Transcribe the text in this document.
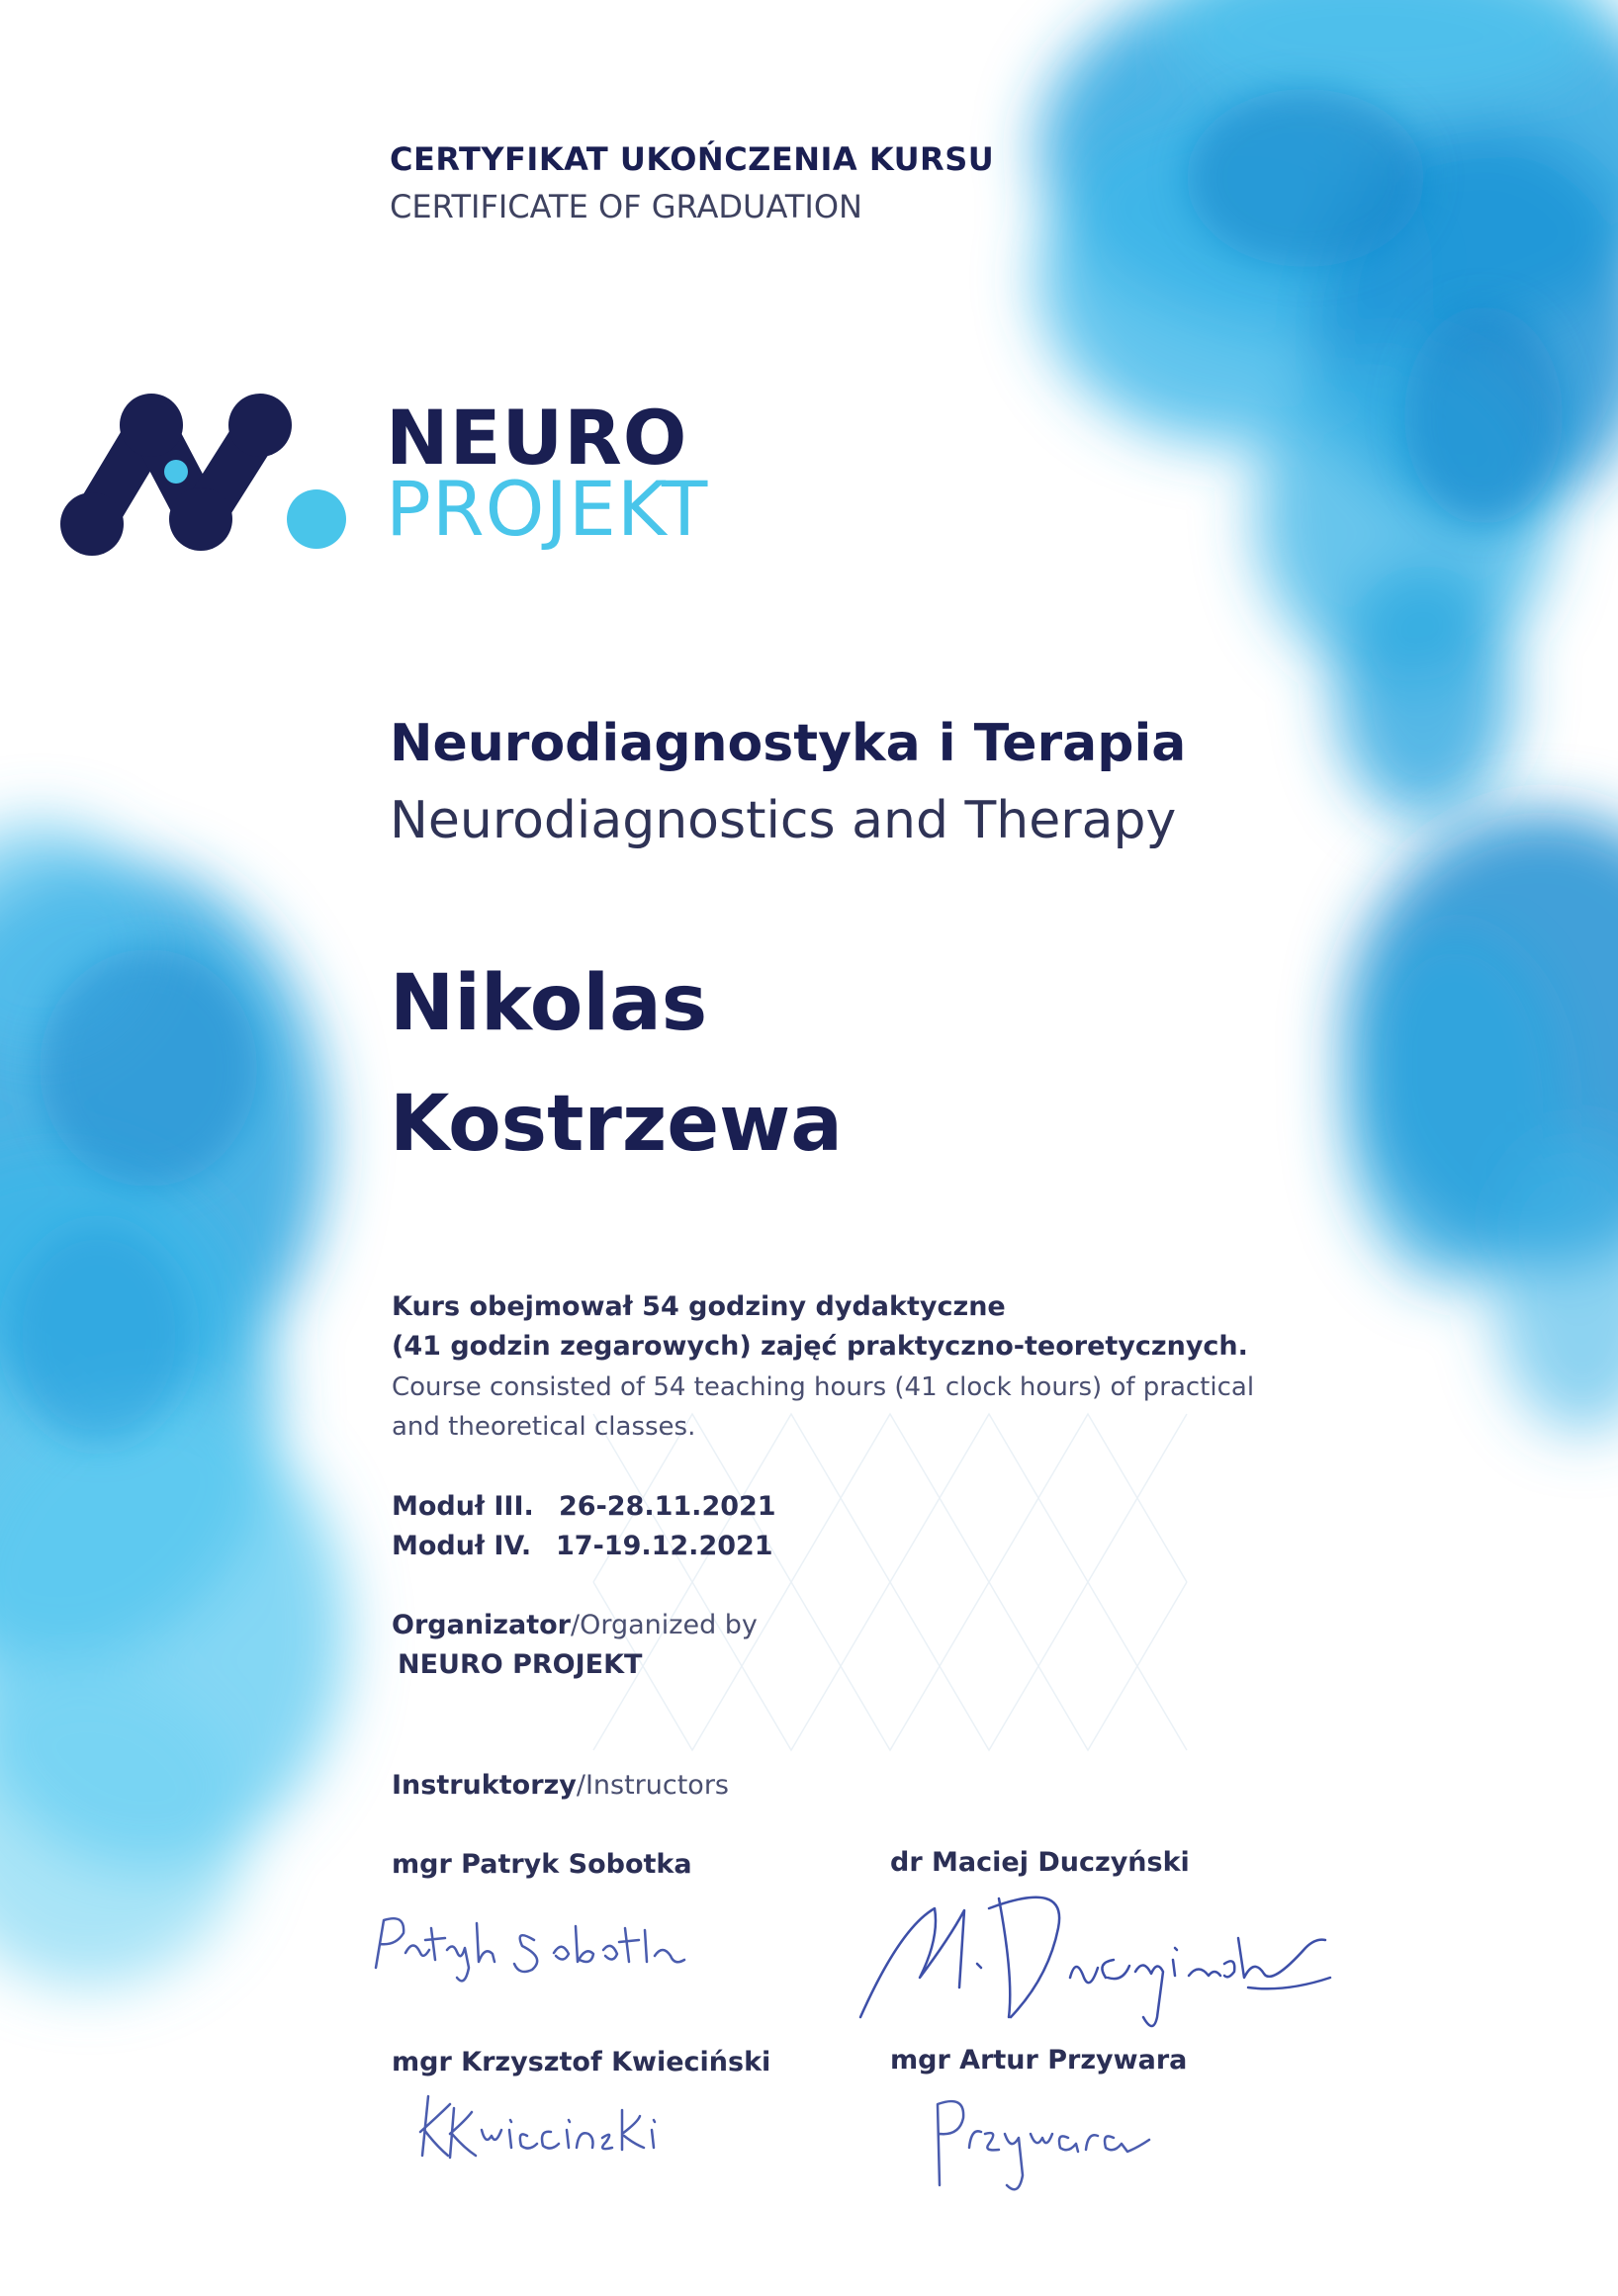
CERTYFIKAT UKOŃCZENIA KURSU
CERTIFICATE OF GRADUATION
NEURO
PROJEKT
Neurodiagnostyka i Terapia
Neurodiagnostics and Therapy
Nikolas
Kostrzewa
Kurs obejmował 54 godziny dydaktyczne
(41 godzin zegarowych) zajęć praktyczno-teoretycznych.
Course consisted of 54 teaching hours (41 clock hours) of practical
and theoretical classes.
Moduł III. 26-28.11.2021
Moduł IV. 17-19.12.2021
Organizator/Organized by
NEURO PROJEKT
Instruktorzy/Instructors
mgr Patryk Sobotka	dr Maciej Duczyński
mgr Krzysztof Kwieciński	mgr Artur Przywara
